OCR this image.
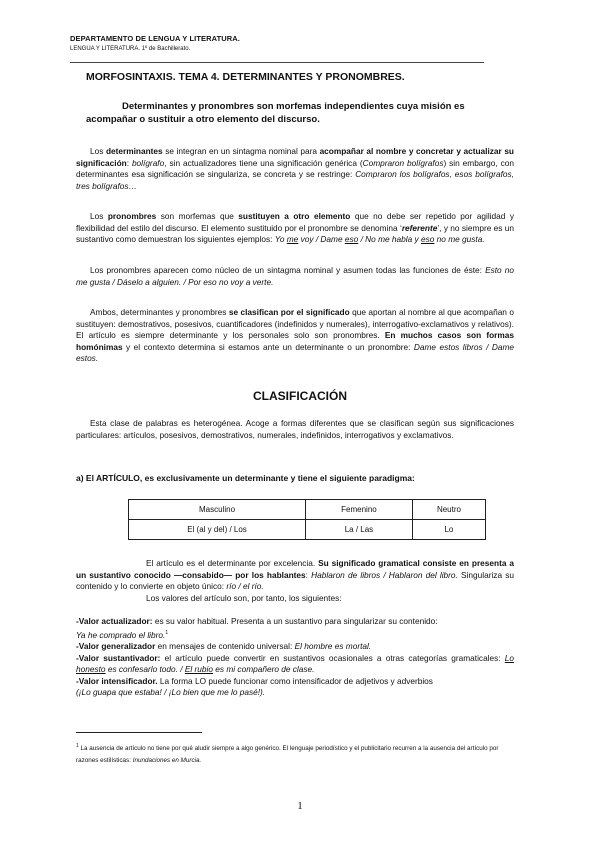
DEPARTAMENTO DE LENGUA Y LITERATURA.
LENGUA Y LITERATURA. 1º de Bachillerato.
MORFOSINTAXIS. TEMA 4. DETERMINANTES Y PRONOMBRES.
Determinantes y pronombres son morfemas independientes cuya misión es
acompañar o sustituir a otro elemento del discurso.
Los determinantes se integran en un sintagma nominal para acompañar al nombre y concretar y actualizar su significación: bolígrafo, sin actualizadores tiene una significación genérica (Compraron bolígrafos) sin embargo, con determinantes esa significación se singulariza, se concreta y se restringe: Compraron los bolígrafos, esos bolígrafos, tres bolígrafos…
Los pronombres son morfemas que sustituyen a otro elemento que no debe ser repetido por agilidad y flexibilidad del estilo del discurso. El elemento sustituido por el pronombre se denomina ‘referente’, y no siempre es un sustantivo como demuestran los siguientes ejemplos: Yo me voy / Dame eso / No me habla y eso no me gusta.
Los pronombres aparecen como núcleo de un sintagma nominal y asumen todas las funciones de éste: Esto no me gusta / Dáselo a alguien. / Por eso no voy a verte.
Ambos, determinantes y pronombres se clasifican por el significado que aportan al nombre al que acompañan o sustituyen: demostrativos, posesivos, cuantificadores (indefinidos y numerales), interrogativo-exclamativos y relativos). El artículo es siempre determinante y los personales solo son pronombres. En muchos casos son formas homónimas y el contexto determina si estamos ante un determinante o un pronombre: Dame estos libros / Dame estos.
CLASIFICACIÓN
Esta clase de palabras es heterogénea. Acoge a formas diferentes que se clasifican según sus significaciones particulares: artículos, posesivos, demostrativos, numerales, indefinidos, interrogativos y exclamativos.
a) El ARTÍCULO, es exclusivamente un determinante y tiene el siguiente paradigma:
Masculino	Femenino	Neutro
El (al y del) / Los	La / Las	Lo
El artículo es el determinante por excelencia. Su significado gramatical consiste en presenta a un sustantivo conocido —consabido— por los hablantes: Hablaron de libros / Hablaron del libro. Singulariza su contenido y lo convierte en objeto único: río / el río.
Los valores del artículo son, por tanto, los siguientes:
-Valor actualizador: es su valor habitual. Presenta a un sustantivo para singularizar su contenido:
Ya he comprado el libro.$^1$
-Valor generalizador en mensajes de contenido universal: El hombre es mortal.
-Valor sustantivador: el artículo puede convertir en sustantivos ocasionales a otras categorías gramaticales: Lo honesto es confesarlo todo. / El rubio es mi compañero de clase.
-Valor intensificador. La forma LO puede funcionar como intensificador de adjetivos y adverbios
(¡Lo guapa que estaba! / ¡Lo bien que me lo pasé!).
$^1$ La ausencia de artículo no tiene por qué aludir siempre a algo genérico. El lenguaje periodístico y el publicitario recurren a la ausencia del artículo por razones estilísticas: Inundaciones en Murcia.
1
